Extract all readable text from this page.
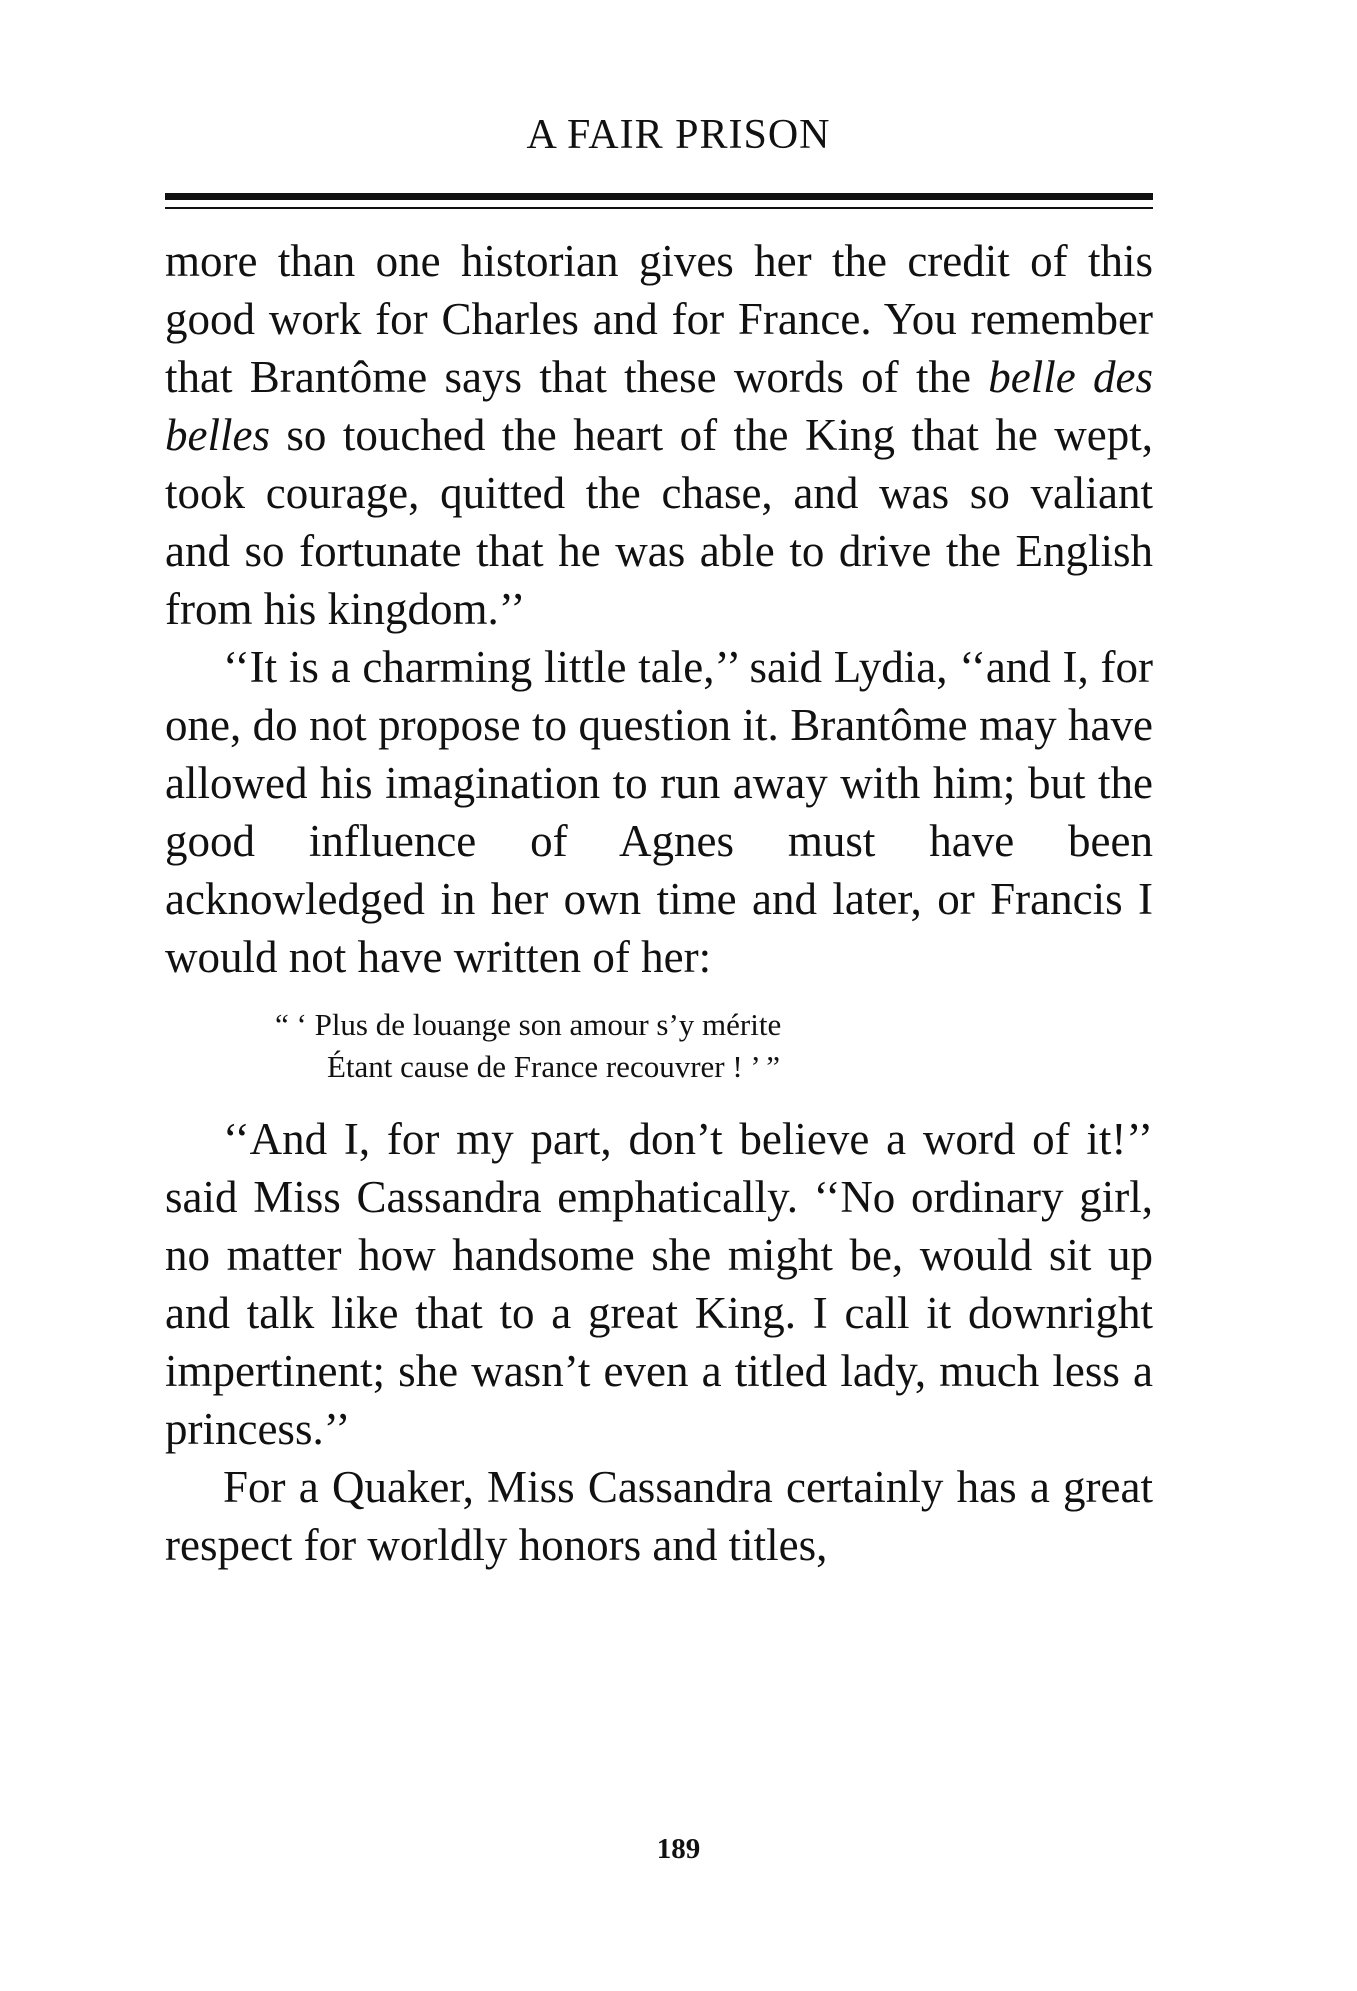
A FAIR PRISON

more than one historian gives her the credit of this good work for Charles and for France. You remember that Brantôme says that these words of the belle des belles so touched the heart of the King that he wept, took courage, quitted the chase, and was so valiant and so fortunate that he was able to drive the English from his kingdom.’’

‘‘It is a charming little tale,’’ said Lydia, ‘‘and I, for one, do not propose to question it. Brantôme may have allowed his imagination to run away with him; but the good influence of Agnes must have been acknowledged in her own time and later, or Francis I would not have written of her:

“ ‘ Plus de louange son amour s’y mérite
Étant cause de France recouvrer ! ’ ”

‘‘And I, for my part, don’t believe a word of it!’’ said Miss Cassandra emphatically. ‘‘No ordinary girl, no matter how handsome she might be, would sit up and talk like that to a great King. I call it downright impertinent; she wasn’t even a titled lady, much less a princess.’’

For a Quaker, Miss Cassandra certainly has a great respect for worldly honors and titles,

189
